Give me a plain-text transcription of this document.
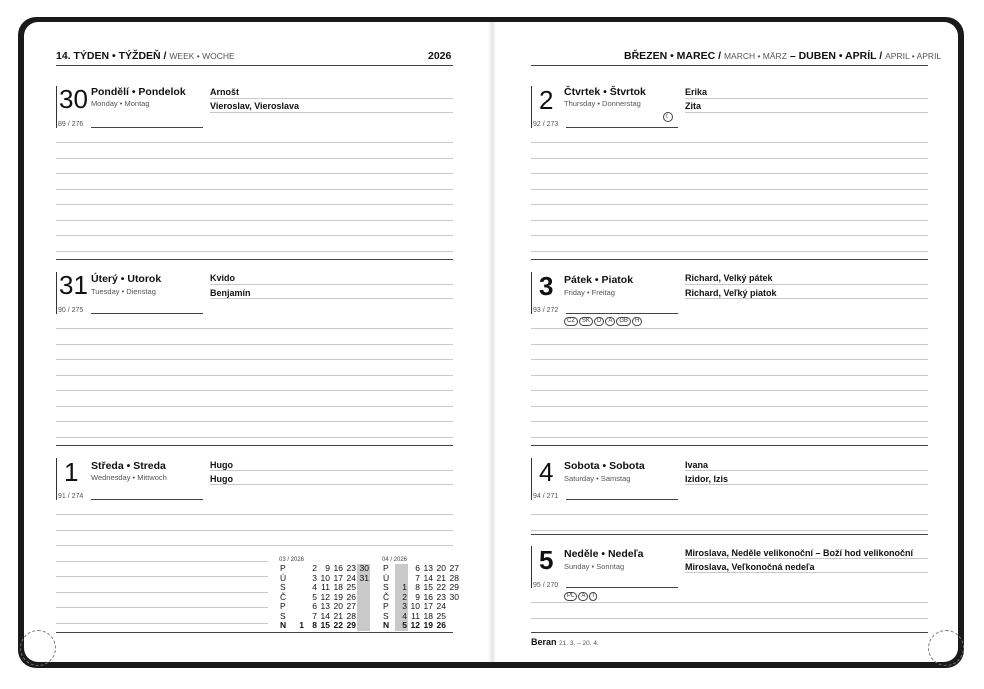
14. TÝDEN • TÝŽDEŇ / WEEK • WOCHE	2026	BŘEZEN • MAREC / MARCH • MÄRZ – DUBEN • APRÍL / APRIL • APRIL
30 Pondělí • Pondelok
Monday • Montag
89 / 276
Arnošt
Vieroslav, Vieroslava
31 Úterý • Utorok
Tuesday • Dienstag
90 / 275
Kvido
Benjamín
1 Středa • Streda
Wednesday • Mittwoch
91 / 274
Hugo
Hugo
2 Čtvrtek • Štvrtok
Thursday • Donnerstag
92 / 273
☾
Erika
Zita
3 Pátek • Piatok
Friday • Freitag
93 / 272
CZ	SK	D	A	GB	H
Richard, Velký pátek
Richard, Veľký piatok
4 Sobota • Sobota
Saturday • Samstag
94 / 271
Ivana
Izidor, Izis
5 Neděle • Nedeľa
Sunday • Sonntag
95 / 270
PL	A	I
Miroslava, Neděle velikonoční – Boží hod velikonoční
Miroslava, Veľkonočná nedeľa
03 / 2026
P		2	9	16	23	30
Ú		3	10	17	24	31
S		4	11	18	25	
Č		5	12	19	26	
P		6	13	20	27	
S		7	14	21	28	
N	1	8	15	22	29	
04 / 2026
P		6	13	20	27
Ú		7	14	21	28
S	1	8	15	22	29
Č	2	9	16	23	30
P	3	10	17	24	
S	4	11	18	25	
N	5	12	19	26	
Beran 21. 3. – 20. 4.
